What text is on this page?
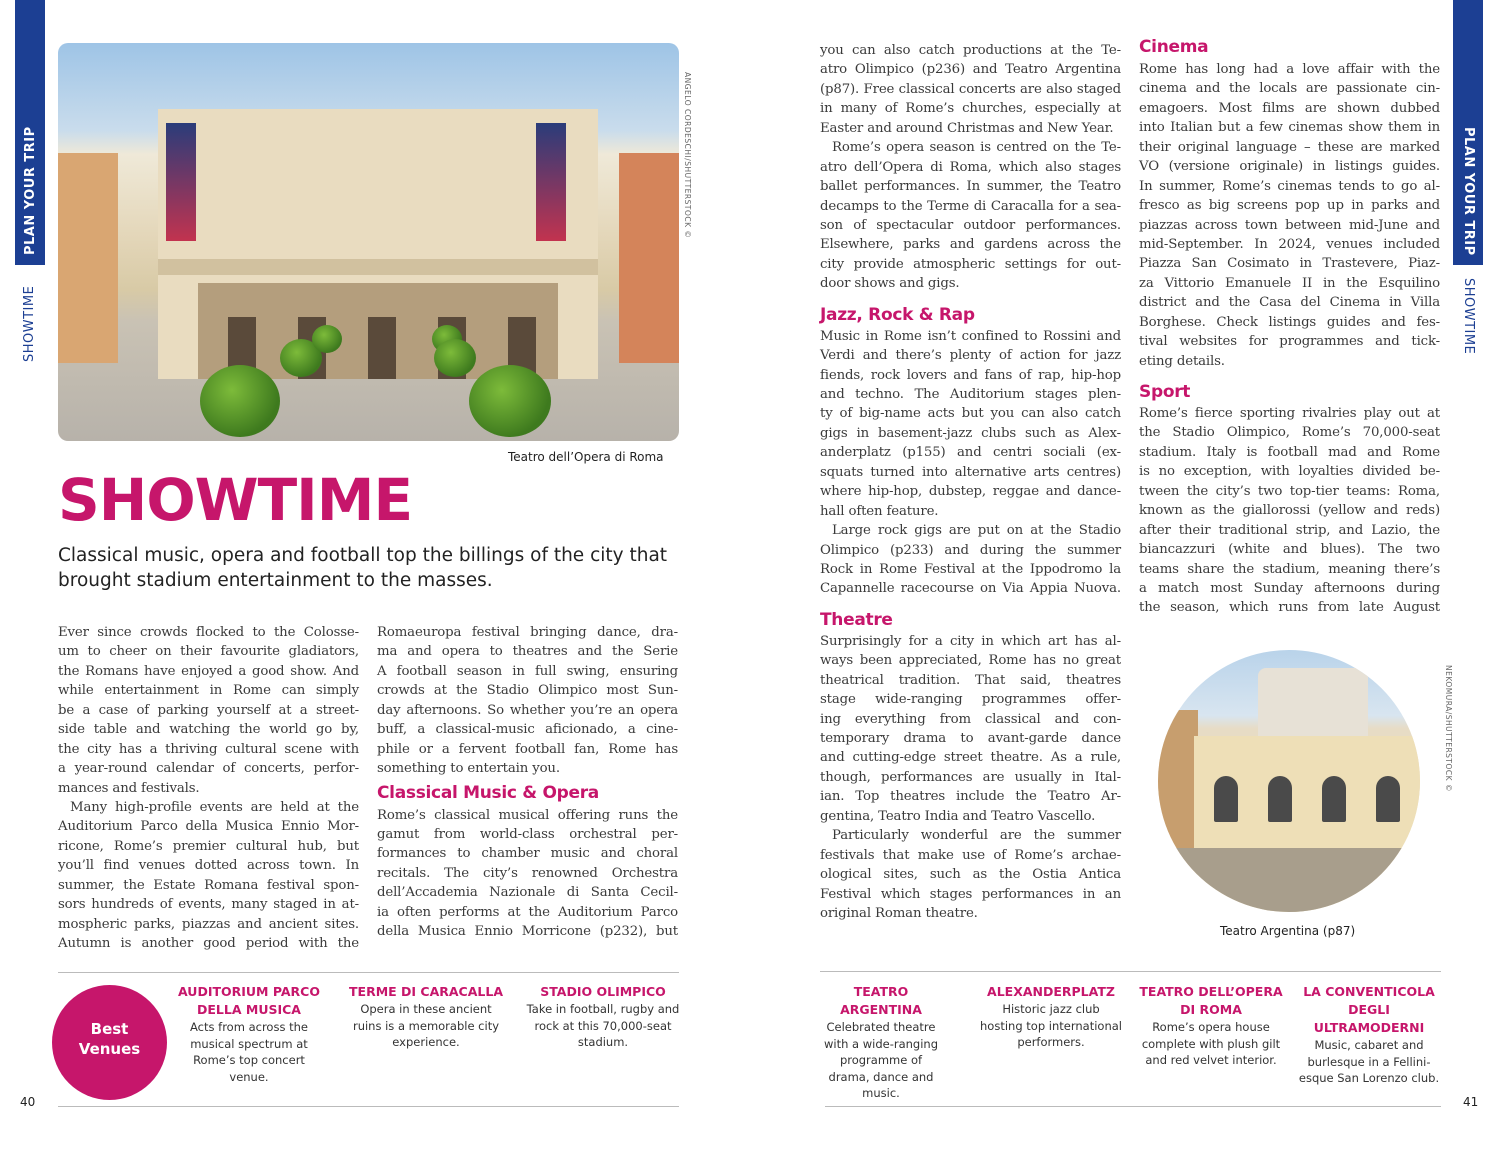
PLAN YOUR TRIP
SHOWTIME
PLAN YOUR TRIP
SHOWTIME
ANGELO CORDESCHI/SHUTTERSTOCK ©
Teatro dell’Opera di Roma
SHOWTIME

Classical music, opera and football top the billings of the city that brought stadium entertainment to the masses.

Ever since crowds flocked to the Colosse-
um to cheer on their favourite gladiators,
the Romans have enjoyed a good show. And
while entertainment in Rome can simply
be a case of parking yourself at a street-
side table and watching the world go by,
the city has a thriving cultural scene with
a year-round calendar of concerts, perfor-
mances and festivals.
Many high-profile events are held at the
Auditorium Parco della Musica Ennio Mor-
ricone, Rome’s premier cultural hub, but
you’ll find venues dotted across town. In
summer, the Estate Romana festival spon-
sors hundreds of events, many staged in at-
mospheric parks, piazzas and ancient sites.
Autumn is another good period with the
Romaeuropa festival bringing dance, dra-
ma and opera to theatres and the Serie
A football season in full swing, ensuring
crowds at the Stadio Olimpico most Sun-
day afternoons. So whether you’re an opera
buff, a classical-music aficionado, a cine-
phile or a fervent football fan, Rome has
something to entertain you.
Classical Music & Opera
Rome’s classical musical offering runs the
gamut from world-class orchestral per-
formances to chamber music and choral
recitals. The city’s renowned Orchestra
dell’Accademia Nazionale di Santa Cecil-
ia often performs at the Auditorium Parco
della Musica Ennio Morricone (p232), but
you can also catch productions at the Te-
atro Olimpico (p236) and Teatro Argentina
(p87). Free classical concerts are also staged
in many of Rome’s churches, especially at
Easter and around Christmas and New Year.
Rome’s opera season is centred on the Te-
atro dell’Opera di Roma, which also stages
ballet performances. In summer, the Teatro
decamps to the Terme di Caracalla for a sea-
son of spectacular outdoor performances.
Elsewhere, parks and gardens across the
city provide atmospheric settings for out-
door shows and gigs.
Jazz, Rock & Rap
Music in Rome isn’t confined to Rossini and
Verdi and there’s plenty of action for jazz
fiends, rock lovers and fans of rap, hip-hop
and techno. The Auditorium stages plen-
ty of big-name acts but you can also catch
gigs in basement-jazz clubs such as Alex-
anderplatz (p155) and centri sociali (ex-
squats turned into alternative arts centres)
where hip-hop, dubstep, reggae and dance-
hall often feature.
Large rock gigs are put on at the Stadio
Olimpico (p233) and during the summer
Rock in Rome Festival at the Ippodromo la
Capannelle racecourse on Via Appia Nuova.
Theatre
Surprisingly for a city in which art has al-
ways been appreciated, Rome has no great
theatrical tradition. That said, theatres
stage wide-ranging programmes offer-
ing everything from classical and con-
temporary drama to avant-garde dance
and cutting-edge street theatre. As a rule,
though, performances are usually in Ital-
ian. Top theatres include the Teatro Ar-
gentina, Teatro India and Teatro Vascello.
Particularly wonderful are the summer
festivals that make use of Rome’s archae-
ological sites, such as the Ostia Antica
Festival which stages performances in an
original Roman theatre.
Cinema
Rome has long had a love affair with the
cinema and the locals are passionate cin-
emagoers. Most films are shown dubbed
into Italian but a few cinemas show them in
their original language – these are marked
VO (versione originale) in listings guides.
In summer, Rome’s cinemas tends to go al-
fresco as big screens pop up in parks and
piazzas across town between mid-June and
mid-September. In 2024, venues included
Piazza San Cosimato in Trastevere, Piaz-
za Vittorio Emanuele II in the Esquilino
district and the Casa del Cinema in Villa
Borghese. Check listings guides and fes-
tival websites for programmes and tick-
eting details.
Sport
Rome’s fierce sporting rivalries play out at
the Stadio Olimpico, Rome’s 70,000-seat
stadium. Italy is football mad and Rome
is no exception, with loyalties divided be-
tween the city’s two top-tier teams: Roma,
known as the giallorossi (yellow and reds)
after their traditional strip, and Lazio, the
biancazzuri (white and blues). The two
teams share the stadium, meaning there’s
a match most Sunday afternoons during
the season, which runs from late August
NEKOMURA/SHUTTERSTOCK ©
Teatro Argentina (p87)
Best
Venues
AUDITORIUM PARCO
DELLA MUSICA
Acts from across the
musical spectrum at
Rome’s top concert
venue.
TERME DI CARACALLA
Opera in these ancient
ruins is a memorable city
experience.
STADIO OLIMPICO
Take in football, rugby and
rock at this 70,000-seat
stadium.
TEATRO
ARGENTINA
Celebrated theatre
with a wide-ranging
programme of
drama, dance and
music.
ALEXANDERPLATZ
Historic jazz club
hosting top international
performers.
TEATRO DELL’OPERA
DI ROMA
Rome’s opera house
complete with plush gilt
and red velvet interior.
LA CONVENTICOLA
DEGLI
ULTRAMODERNI
Music, cabaret and
burlesque in a Fellini-
esque San Lorenzo club.
40	41
